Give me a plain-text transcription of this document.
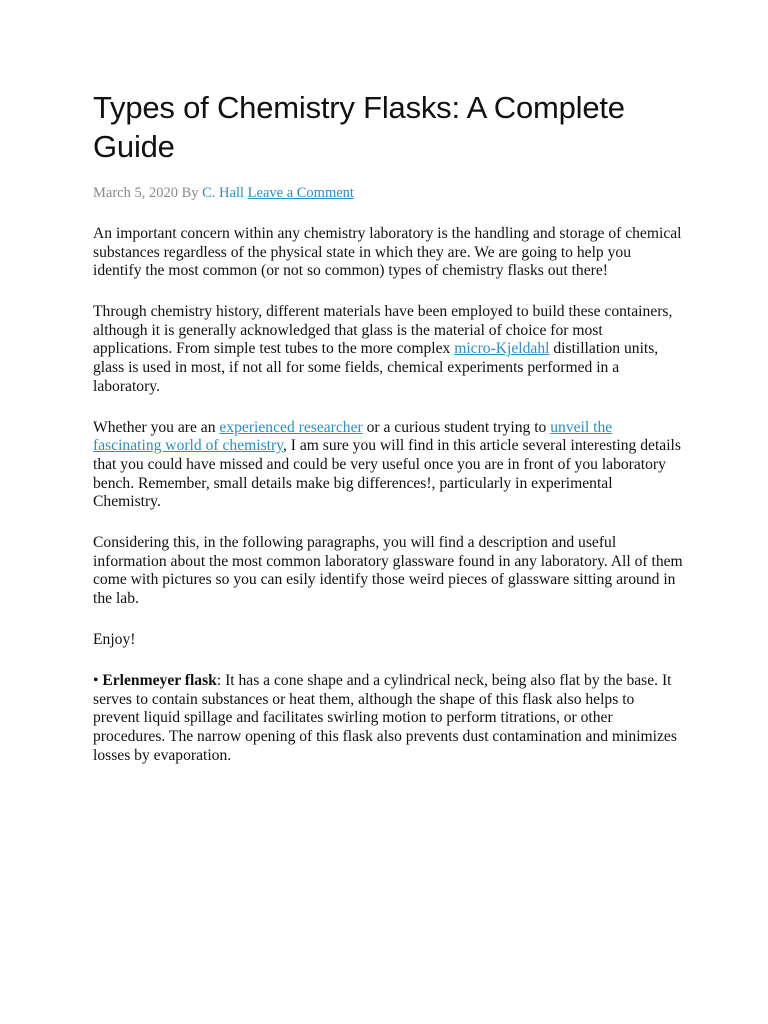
Types of Chemistry Flasks: A Complete Guide
March 5, 2020 By C. Hall Leave a Comment

An important concern within any chemistry laboratory is the handling and storage of chemical substances regardless of the physical state in which they are. We are going to help you identify the most common (or not so common) types of chemistry flasks out there!

Through chemistry history, different materials have been employed to build these containers, although it is generally acknowledged that glass is the material of choice for most applications. From simple test tubes to the more complex micro-Kjeldahl distillation units, glass is used in most, if not all for some fields, chemical experiments performed in a laboratory.

Whether you are an experienced researcher or a curious student trying to unveil the fascinating world of chemistry, I am sure you will find in this article several interesting details that you could have missed and could be very useful once you are in front of you laboratory bench. Remember, small details make big differences!, particularly in experimental Chemistry.

Considering this, in the following paragraphs, you will find a description and useful information about the most common laboratory glassware found in any laboratory. All of them come with pictures so you can esily identify those weird pieces of glassware sitting around in the lab.

Enjoy!

• Erlenmeyer flask: It has a cone shape and a cylindrical neck, being also flat by the base. It serves to contain substances or heat them, although the shape of this flask also helps to prevent liquid spillage and facilitates swirling motion to perform titrations, or other procedures. The narrow opening of this flask also prevents dust contamination and minimizes losses by evaporation.
